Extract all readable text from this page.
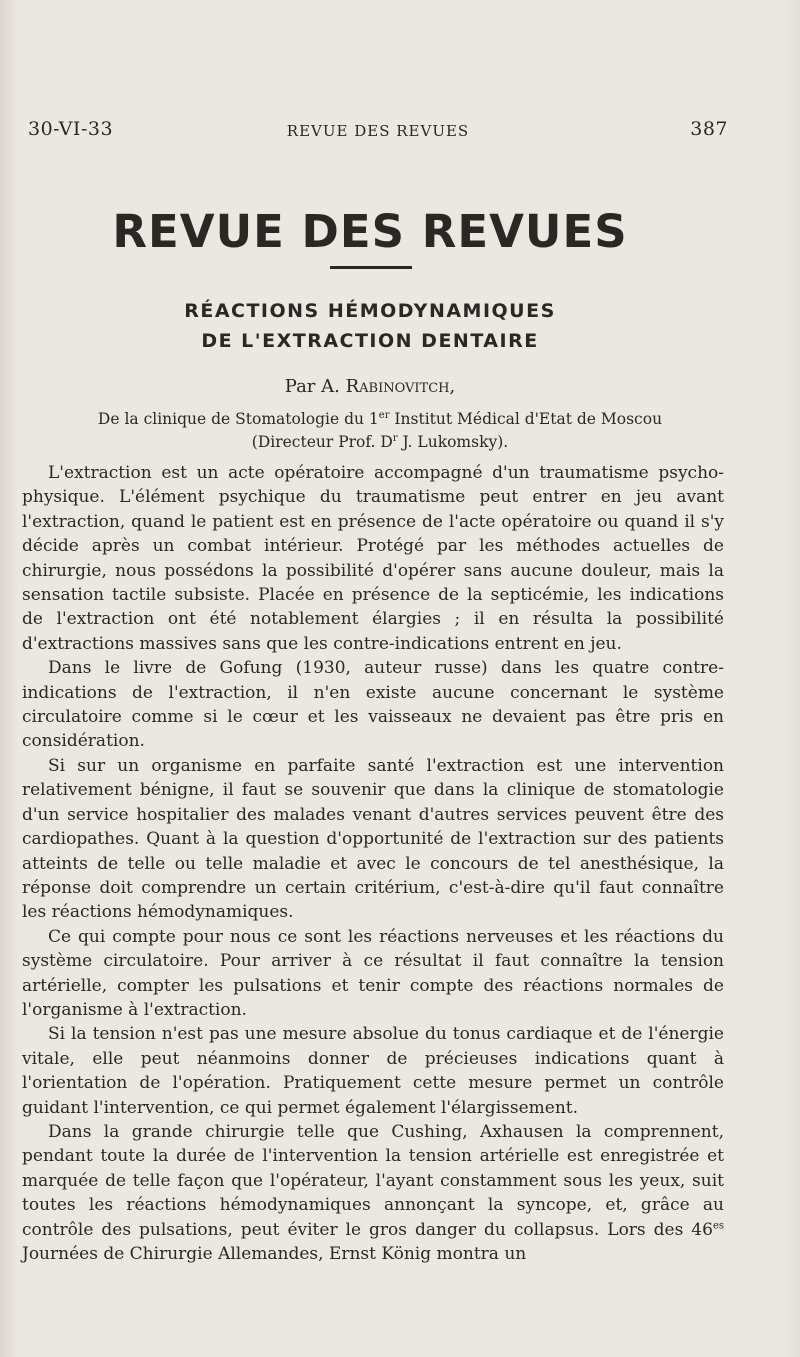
30-VI-33	REVUE DES REVUES	387
REVUE DES REVUES
RÉACTIONS HÉMODYNAMIQUES
DE L'EXTRACTION DENTAIRE
Par A. Rabinovitch,
De la clinique de Stomatologie du 1er Institut Médical d'Etat de Moscou
(Directeur Prof. $D^r$ J. Lukomsky).

L'extraction est un acte opératoire accompagné d'un traumatisme psycho-physique. L'élément psychique du traumatisme peut entrer en jeu avant l'extraction, quand le patient est en présence de l'acte opératoire ou quand il s'y décide après un combat intérieur. Protégé par les méthodes actuelles de chirurgie, nous possédons la possibilité d'opérer sans aucune douleur, mais la sensation tactile subsiste. Placée en présence de la septicémie, les indications de l'extraction ont été notablement élargies ; il en résulta la possibilité d'extractions massives sans que les contre-indications entrent en jeu.

Dans le livre de Gofung (1930, auteur russe) dans les quatre contre-indications de l'extraction, il n'en existe aucune concernant le système circulatoire comme si le cœur et les vaisseaux ne devaient pas être pris en considération.

Si sur un organisme en parfaite santé l'extraction est une intervention relativement bénigne, il faut se souvenir que dans la clinique de stomatologie d'un service hospitalier des malades venant d'autres services peuvent être des cardiopathes. Quant à la question d'opportunité de l'extraction sur des patients atteints de telle ou telle maladie et avec le concours de tel anesthésique, la réponse doit comprendre un certain critérium, c'est-à-dire qu'il faut connaître les réactions hémodynamiques.

Ce qui compte pour nous ce sont les réactions nerveuses et les réactions du système circulatoire. Pour arriver à ce résultat il faut connaître la tension artérielle, compter les pulsations et tenir compte des réactions normales de l'organisme à l'extraction.

Si la tension n'est pas une mesure absolue du tonus cardiaque et de l'énergie vitale, elle peut néanmoins donner de précieuses indications quant à l'orientation de l'opération. Pratiquement cette mesure permet un contrôle guidant l'intervention, ce qui permet également l'élargissement.

Dans la grande chirurgie telle que Cushing, Axhausen la comprennent, pendant toute la durée de l'intervention la tension artérielle est enregistrée et marquée de telle façon que l'opérateur, l'ayant constamment sous les yeux, suit toutes les réactions hémodynamiques annonçant la syncope, et, grâce au contrôle des pulsations, peut éviter le gros danger du collapsus. Lors des $46^{es}$ Journées de Chirurgie Allemandes, Ernst König montra un
